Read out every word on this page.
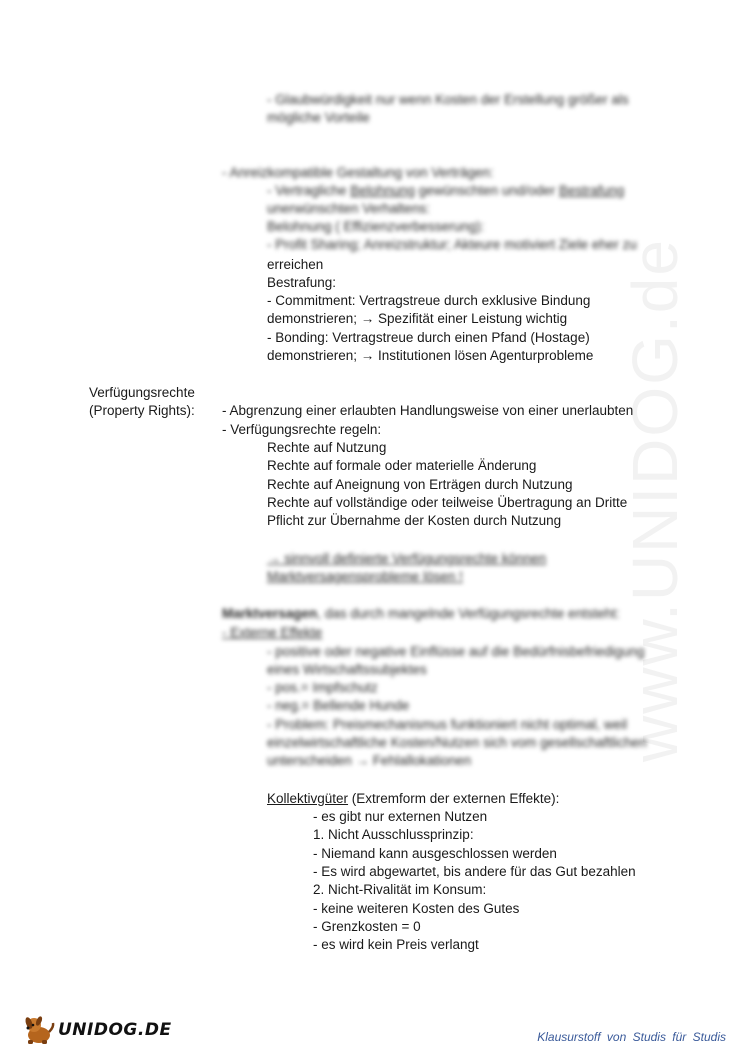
www.UNIDOG.de
- Glaubwürdigkeit nur wenn Kosten der Erstellung größer als
mögliche Vorteile
- Anreizkompatible Gestaltung von Verträgen:
- Vertragliche Belohnung gewünschten und/oder Bestrafung
unerwünschten Verhaltens:
Belohnung ( Effizienzverbesserung):
- Profit Sharing; Anreizstruktur; Akteure motiviert Ziele eher zu
erreichen
Bestrafung:
- Commitment: Vertragstreue durch exklusive Bindung
demonstrieren; → Spezifität einer Leistung wichtig
- Bonding: Vertragstreue durch einen Pfand (Hostage)
demonstrieren; → Institutionen lösen Agenturprobleme
Verfügungsrechte
(Property Rights): - Abgrenzung einer erlaubten Handlungsweise von einer unerlaubten
- Verfügungsrechte regeln:
Rechte auf Nutzung
Rechte auf formale oder materielle Änderung
Rechte auf Aneignung von Erträgen durch Nutzung
Rechte auf vollständige oder teilweise Übertragung an Dritte
Pflicht zur Übernahme der Kosten durch Nutzung
→ sinnvoll definierte Verfügungsrechte können
Marktversagensprobleme lösen !
Marktversagen, das durch mangelnde Verfügungsrechte entsteht:
- Externe Effekte
- positive oder negative Einflüsse auf die Bedürfnisbefriedigung
eines Wirtschaftssubjektes
- pos.= Impfschutz
- neg.= Bellende Hunde
- Problem: Preismechanismus funktioniert nicht optimal, weil
einzelwirtschaftliche Kosten/Nutzen sich vom gesellschaftlichen
unterscheiden → Fehlallokationen
Kollektivgüter (Extremform der externen Effekte):
- es gibt nur externen Nutzen
1. Nicht Ausschlussprinzip:
- Niemand kann ausgeschlossen werden
- Es wird abgewartet, bis andere für das Gut bezahlen
2. Nicht-Rivalität im Konsum:
- keine weiteren Kosten des Gutes
- Grenzkosten = 0
- es wird kein Preis verlangt
UNIDOG.DE	Klausurstoff von Studis für Studis
